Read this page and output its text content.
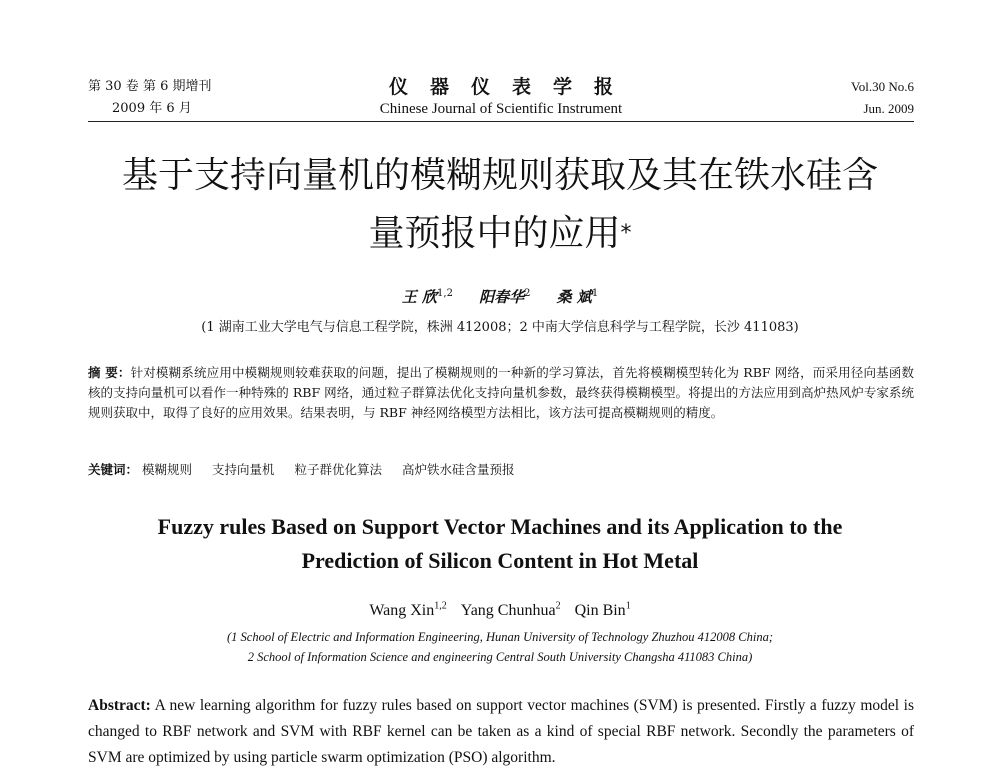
第 30 卷 第 6 期增刊
2009 年 6 月
仪器仪表学报
Chinese Journal of Scientific Instrument
Vol.30 No.6
Jun. 2009
基于支持向量机的模糊规则获取及其在铁水硅含
量预报中的应用*
王 欣$^{1,2}$ 阳春华$^2$ 桑 斌$^1$
(1 湖南工业大学电气与信息工程学院，株洲 412008；2 中南大学信息科学与工程学院，长沙 411083)
摘 要：针对模糊系统应用中模糊规则较难获取的问题，提出了模糊规则的一种新的学习算法，首先将模糊模型转化为 RBF 网络，而采用径向基函数核的支持向量机可以看作一种特殊的 RBF 网络，通过粒子群算法优化支持向量机参数，最终获得模糊模型。将提出的方法应用到高炉热风炉专家系统规则获取中，取得了良好的应用效果。结果表明，与 RBF 神经网络模型方法相比，该方法可提高模糊规则的精度。
关键词： 模糊规则 支持向量机 粒子群优化算法 高炉铁水硅含量预报
Fuzzy rules Based on Support Vector Machines and its Application to the
Prediction of Silicon Content in Hot Metal
Wang Xin$^{1,2}$ Yang Chunhua$^2$ Qin Bin$^1$
(1 School of Electric and Information Engineering, Hunan University of Technology Zhuzhou 412008 China;
2 School of Information Science and engineering Central South University Changsha 411083 China)
Abstract: A new learning algorithm for fuzzy rules based on support vector machines (SVM) is presented. Firstly a fuzzy model is changed to RBF network and SVM with RBF kernel can be taken as a kind of special RBF network. Secondly the parameters of SVM are optimized by using particle swarm optimization (PSO) algorithm.
